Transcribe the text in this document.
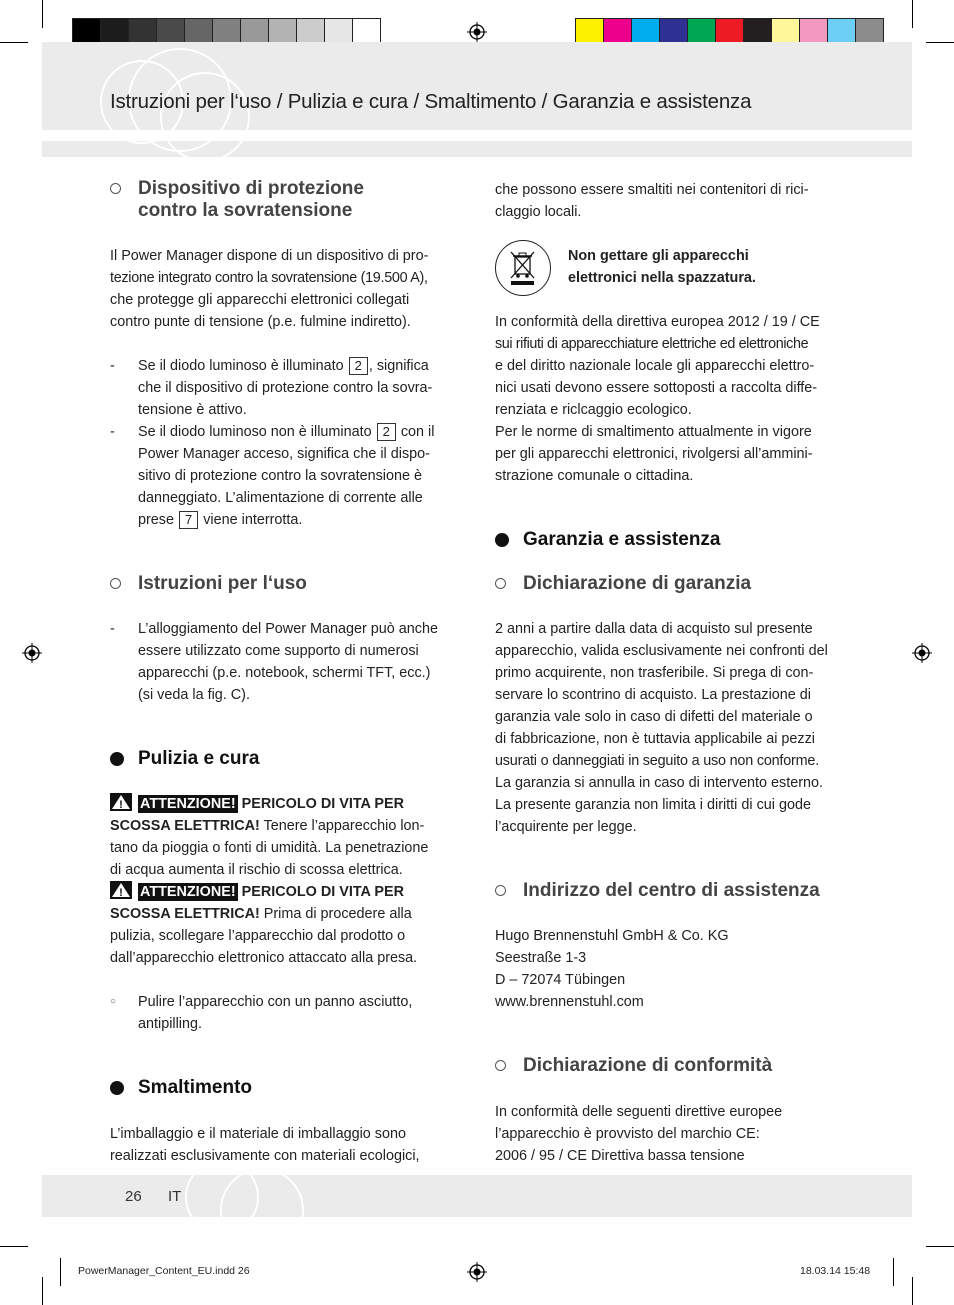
Istruzioni per l‘uso / Pulizia e cura / Smaltimento / Garanzia e assistenza
Dispositivo di protezione
contro la sovratensione
Il Power Manager dispone di un dispositivo di pro-
tezione integrato contro la sovratensione (19.500 A),
che protegge gli apparecchi elettronici collegati
contro punte di tensione (p.e. fulmine indiretto).
- Se il diodo luminoso è illuminato 2 , significa
che il dispositivo di protezione contro la sovra-
tensione è attivo.
- Se il diodo luminoso non è illuminato 2 con il
Power Manager acceso, significa che il dispo-
sitivo di protezione contro la sovratensione è
danneggiato. L’alimentazione di corrente alle
prese 7 viene interrotta.
Istruzioni per l‘uso
- L’alloggiamento del Power Manager può anche
essere utilizzato come supporto di numerosi
apparecchi (p.e. notebook, schermi TFT, ecc.)
(si veda la fig. C).
Pulizia e cura
! ATTENZIONE! PERICOLO DI VITA PER
SCOSSA ELETTRICA! Tenere l’apparecchio lon-
tano da pioggia o fonti di umidità. La penetrazione
di acqua aumenta il rischio di scossa elettrica.
! ATTENZIONE! PERICOLO DI VITA PER
SCOSSA ELETTRICA! Prima di procedere alla
pulizia, scollegare l’apparecchio dal prodotto o
dall’apparecchio elettronico attaccato alla presa.
○ Pulire l’apparecchio con un panno asciutto,
antipilling.
Smaltimento
L’imballaggio e il materiale di imballaggio sono
realizzati esclusivamente con materiali ecologici,
che possono essere smaltiti nei contenitori di rici-
claggio locali.
Non gettare gli apparecchi
elettronici nella spazzatura.
In conformità della direttiva europea 2012 / 19 / CE
sui rifiuti di apparecchiature elettriche ed elettroniche
e del diritto nazionale locale gli apparecchi elettro-
nici usati devono essere sottoposti a raccolta diffe-
renziata e riclcaggio ecologico.
Per le norme di smaltimento attualmente in vigore
per gli apparecchi elettronici, rivolgersi all’ammini-
strazione comunale o cittadina.
Garanzia e assistenza
Dichiarazione di garanzia
2 anni a partire dalla data di acquisto sul presente
apparecchio, valida esclusivamente nei confronti del
primo acquirente, non trasferibile. Si prega di con-
servare lo scontrino di acquisto. La prestazione di
garanzia vale solo in caso di difetti del materiale o
di fabbricazione, non è tuttavia applicabile ai pezzi
usurati o danneggiati in seguito a uso non conforme.
La garanzia si annulla in caso di intervento esterno.
La presente garanzia non limita i diritti di cui gode
l’acquirente per legge.
Indirizzo del centro di assistenza
Hugo Brennenstuhl GmbH & Co. KG
Seestraße 1-3
D – 72074 Tübingen
www.brennenstuhl.com
Dichiarazione di conformità
In conformità delle seguenti direttive europee
l’apparecchio è provvisto del marchio CE:
2006 / 95 / CE Direttiva bassa tensione
26 IT
PowerManager_Content_EU.indd 26	18.03.14 15:48
